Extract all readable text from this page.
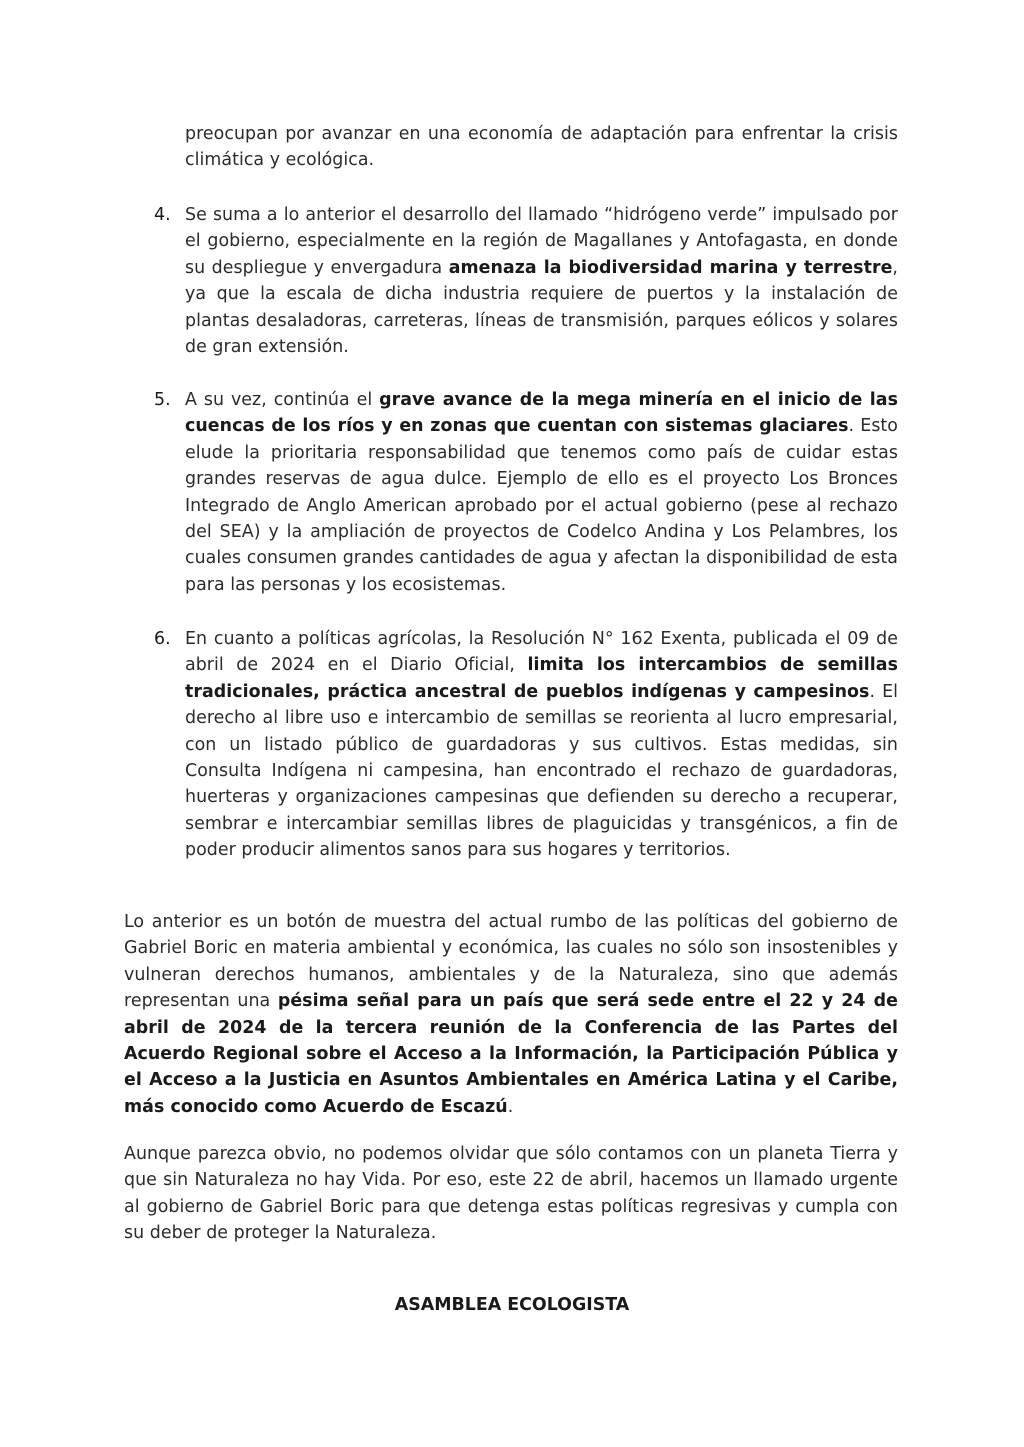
preocupan por avanzar en una economía de adaptación para enfrentar la crisis climática y ecológica.

4. Se suma a lo anterior el desarrollo del llamado “hidrógeno verde” impulsado por el gobierno, especialmente en la región de Magallanes y Antofagasta, en donde su despliegue y envergadura amenaza la biodiversidad marina y terrestre, ya que la escala de dicha industria requiere de puertos y la instalación de plantas desaladoras, carreteras, líneas de transmisión, parques eólicos y solares de gran extensión.

5. A su vez, continúa el grave avance de la mega minería en el inicio de las cuencas de los ríos y en zonas que cuentan con sistemas glaciares. Esto elude la prioritaria responsabilidad que tenemos como país de cuidar estas grandes reservas de agua dulce. Ejemplo de ello es el proyecto Los Bronces Integrado de Anglo American aprobado por el actual gobierno (pese al rechazo del SEA) y la ampliación de proyectos de Codelco Andina y Los Pelambres, los cuales consumen grandes cantidades de agua y afectan la disponibilidad de esta para las personas y los ecosistemas.

6. En cuanto a políticas agrícolas, la Resolución N° 162 Exenta, publicada el 09 de abril de 2024 en el Diario Oficial, limita los intercambios de semillas tradicionales, práctica ancestral de pueblos indígenas y campesinos. El derecho al libre uso e intercambio de semillas se reorienta al lucro empresarial, con un listado público de guardadoras y sus cultivos. Estas medidas, sin Consulta Indígena ni campesina, han encontrado el rechazo de guardadoras, huerteras y organizaciones campesinas que defienden su derecho a recuperar, sembrar e intercambiar semillas libres de plaguicidas y transgénicos, a fin de poder producir alimentos sanos para sus hogares y territorios.

Lo anterior es un botón de muestra del actual rumbo de las políticas del gobierno de Gabriel Boric en materia ambiental y económica, las cuales no sólo son insostenibles y vulneran derechos humanos, ambientales y de la Naturaleza, sino que además representan una pésima señal para un país que será sede entre el 22 y 24 de abril de 2024 de la tercera reunión de la Conferencia de las Partes del Acuerdo Regional sobre el Acceso a la Información, la Participación Pública y el Acceso a la Justicia en Asuntos Ambientales en América Latina y el Caribe, más conocido como Acuerdo de Escazú.

Aunque parezca obvio, no podemos olvidar que sólo contamos con un planeta Tierra y que sin Naturaleza no hay Vida. Por eso, este 22 de abril, hacemos un llamado urgente al gobierno de Gabriel Boric para que detenga estas políticas regresivas y cumpla con su deber de proteger la Naturaleza.

ASAMBLEA ECOLOGISTA
